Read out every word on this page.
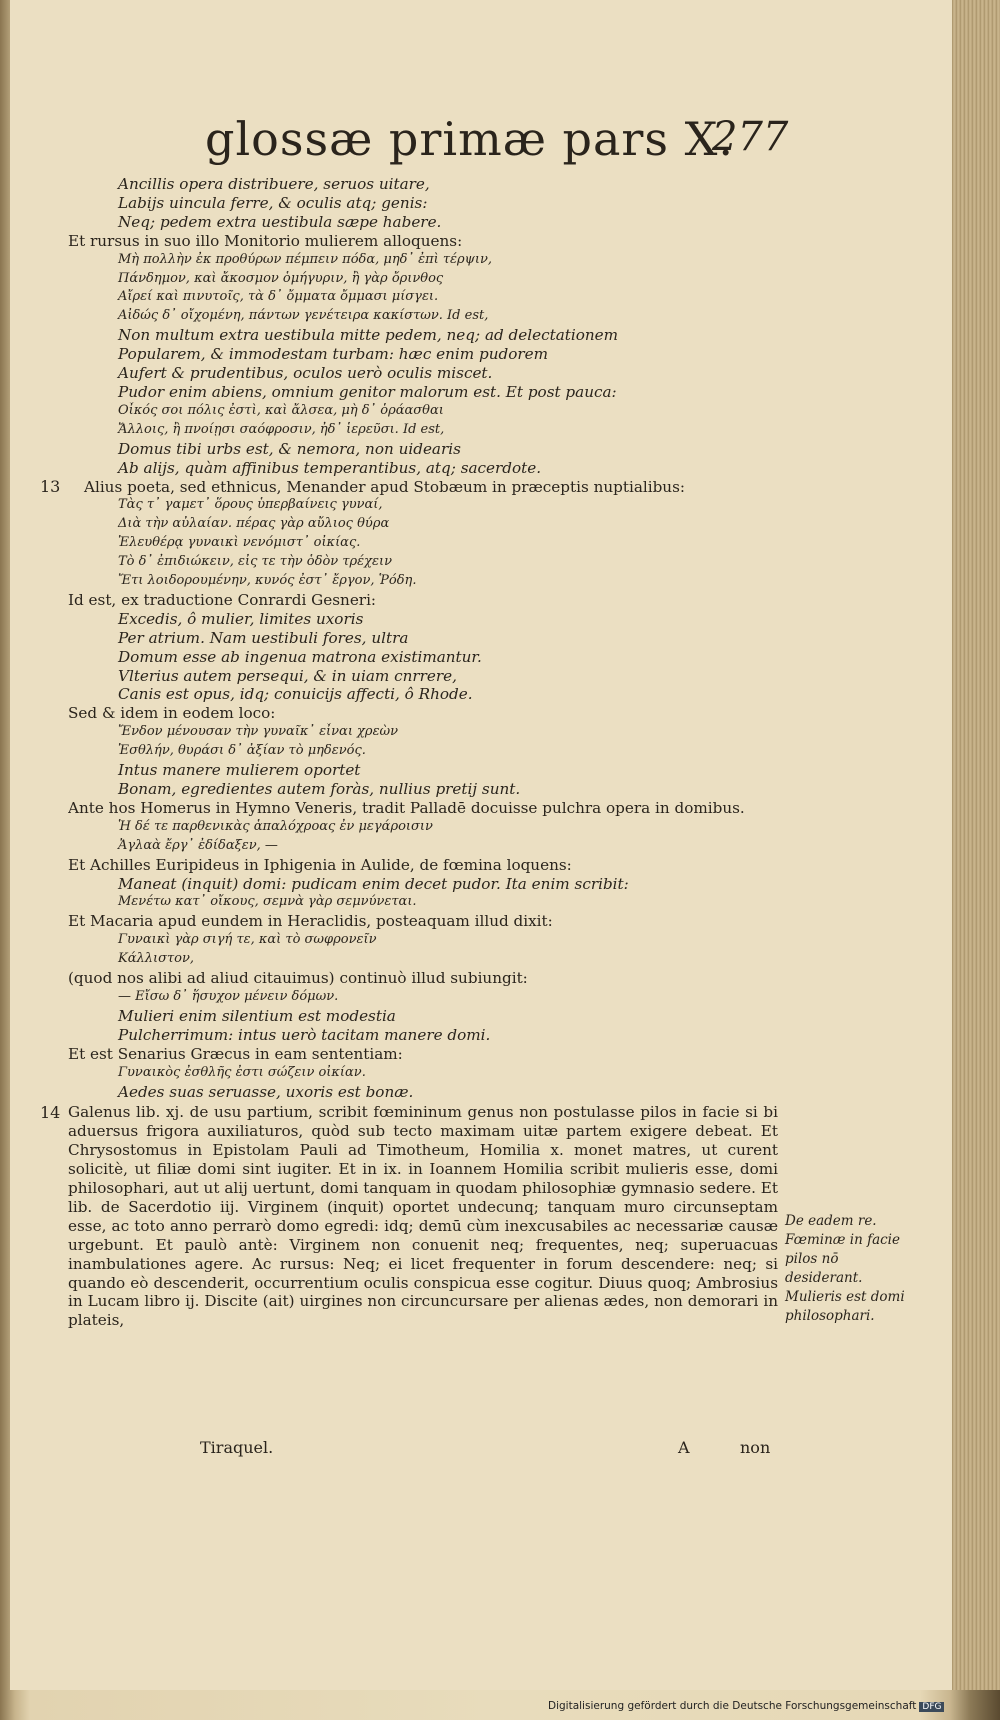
glossæ primæ pars X.
277
Ancillis opera distribuere, seruos uitare,
Labijs uincula ferre, & oculis atq; genis:
Neq; pedem extra uestibula sæpe habere.
Et rursus in suo illo Monitorio mulierem alloquens:
Μὴ πολλὴν ἐκ προθύρων πέμπειν πόδα, μηδ᾽ ἐπὶ τέρψιν,
Πάνδημον, καὶ ἄκοσμον ὁμήγυριν, ἢ γὰρ ὄρινθος
Αἴρεί καὶ πινυτοῖς, τὰ δ᾽ ὄμματα ὄμμασι μίσγει.
Αἰδώς δ᾽ οἴχομένη, πάντων γενέτειρα κακίστων. Id est,
Non multum extra uestibula mitte pedem, neq; ad delectationem
Popularem, & immodestam turbam: hæc enim pudorem
Aufert & prudentibus, oculos uerò oculis miscet.
Pudor enim abiens, omnium genitor malorum est. Et post pauca:
Οἶκός σοι πόλις ἐστὶ, καὶ ἄλσεα, μὴ δ᾽ ὁράασθαι
Ἄλλοις, ἢ πνοίῃσι σαόφροσιν, ἠδ᾽ ἱερεῦσι. Id est,
Domus tibi urbs est, & nemora, non uidearis
Ab alijs, quàm affinibus temperantibus, atq; sacerdote.
Alius poeta, sed ethnicus, Menander apud Stobæum in præceptis nuptialibus:
Τὰς τ᾽ γαμετ᾽ ὅρους ὑπερβαίνεις γυναί,
Διὰ τὴν αὐλαίαν. πέρας γὰρ αὔλιος θύρα
Ἐλευθέρᾳ γυναικὶ νενόμιστ᾽ οἰκίας.
Τὸ δ᾽ ἐπιδιώκειν, εἰς τε τὴν ὁδὸν τρέχειν
Ἔτι λοιδορουμένην, κυνός ἐστ᾽ ἔργον, Ῥόδη.
Id est, ex traductione Conrardi Gesneri:
Excedis, ô mulier, limites uxoris
Per atrium. Nam uestibuli fores, ultra
Domum esse ab ingenua matrona existimantur.
Vlterius autem persequi, & in uiam cnrrere,
Canis est opus, idq; conuicijs affecti, ô Rhode.
Sed & idem in eodem loco:
Ἔνδον μένουσαν τὴν γυναῖκ᾽ εἶναι χρεὼν
Ἐσθλήν, θυράσι δ᾽ ἀξίαν τὸ μηδενός.
Intus manere mulierem oportet
Bonam, egredientes autem foràs, nullius pretij sunt.
Ante hos Homerus in Hymno Veneris, tradit Palladē docuisse pulchra opera in domibus.
Ἡ δέ τε παρθενικὰς ἁπαλόχροας ἐν μεγάροισιν
Ἀγλαὰ ἔργ᾽ ἐδίδαξεν, —
Et Achilles Euripideus in Iphigenia in Aulide, de fœmina loquens:
Maneat (inquit) domi: pudicam enim decet pudor. Ita enim scribit:
Μενέτω κατ᾽ οἴκους, σεμνὰ γὰρ σεμνύνεται.
Et Macaria apud eundem in Heraclidis, posteaquam illud dixit:
Γυναικὶ γὰρ σιγή τε, καὶ τὸ σωφρονεῖν
Κάλλιστον,
(quod nos alibi ad aliud citauimus) continuò illud subiungit:
— Εἴσω δ᾽ ἥσυχον μένειν δόμων.
Mulieri enim silentium est modestia
Pulcherrimum: intus uerò tacitam manere domi.
Et est Senarius Græcus in eam sententiam:
Γυναικὸς ἐσθλῆς ἐστι σώζειν οἰκίαν.
Aedes suas seruasse, uxoris est bonæ.
Galenus lib. xj. de usu partium, scribit fœmininum genus non postulasse pilos in facie si bi aduersus frigora auxiliaturos, quòd sub tecto maximam uitæ partem exigere debeat. Et Chrysostomus in Epistolam Pauli ad Timotheum, Homilia x. monet matres, ut curent solicitè, ut filiæ domi sint iugiter. Et in ix. in Ioannem Homilia scribit mulieris esse, domi philosophari, aut ut alij uertunt, domi tanquam in quodam philosophiæ gymnasio sedere. Et lib. de Sacerdotio iij. Virginem (inquit) oportet undecunq; tanquam muro circunseptam esse, ac toto anno perrarò domo egredi: idq; demū cùm inexcusabiles ac necessariæ causæ urgebunt. Et paulò antè: Virginem non conuenit neq; frequentes, neq; superuacuas inambulationes agere. Ac rursus: Neq; ei licet frequenter in forum descendere: neq; si quando eò descenderit, occurrentium oculis conspicua esse cogitur. Diuus quoq; Ambrosius in Lucam libro ij. Discite (ait) uirgines non circuncursare per alienas ædes, non demorari in plateis,
De eadem re.
Fœminæ in facie pilos nō desiderant.
Mulieris est domi philosophari.
Tiraquel.	A	non
13
14
Digitalisierung gefördert durch die Deutsche Forschungsgemeinschaft DFG
